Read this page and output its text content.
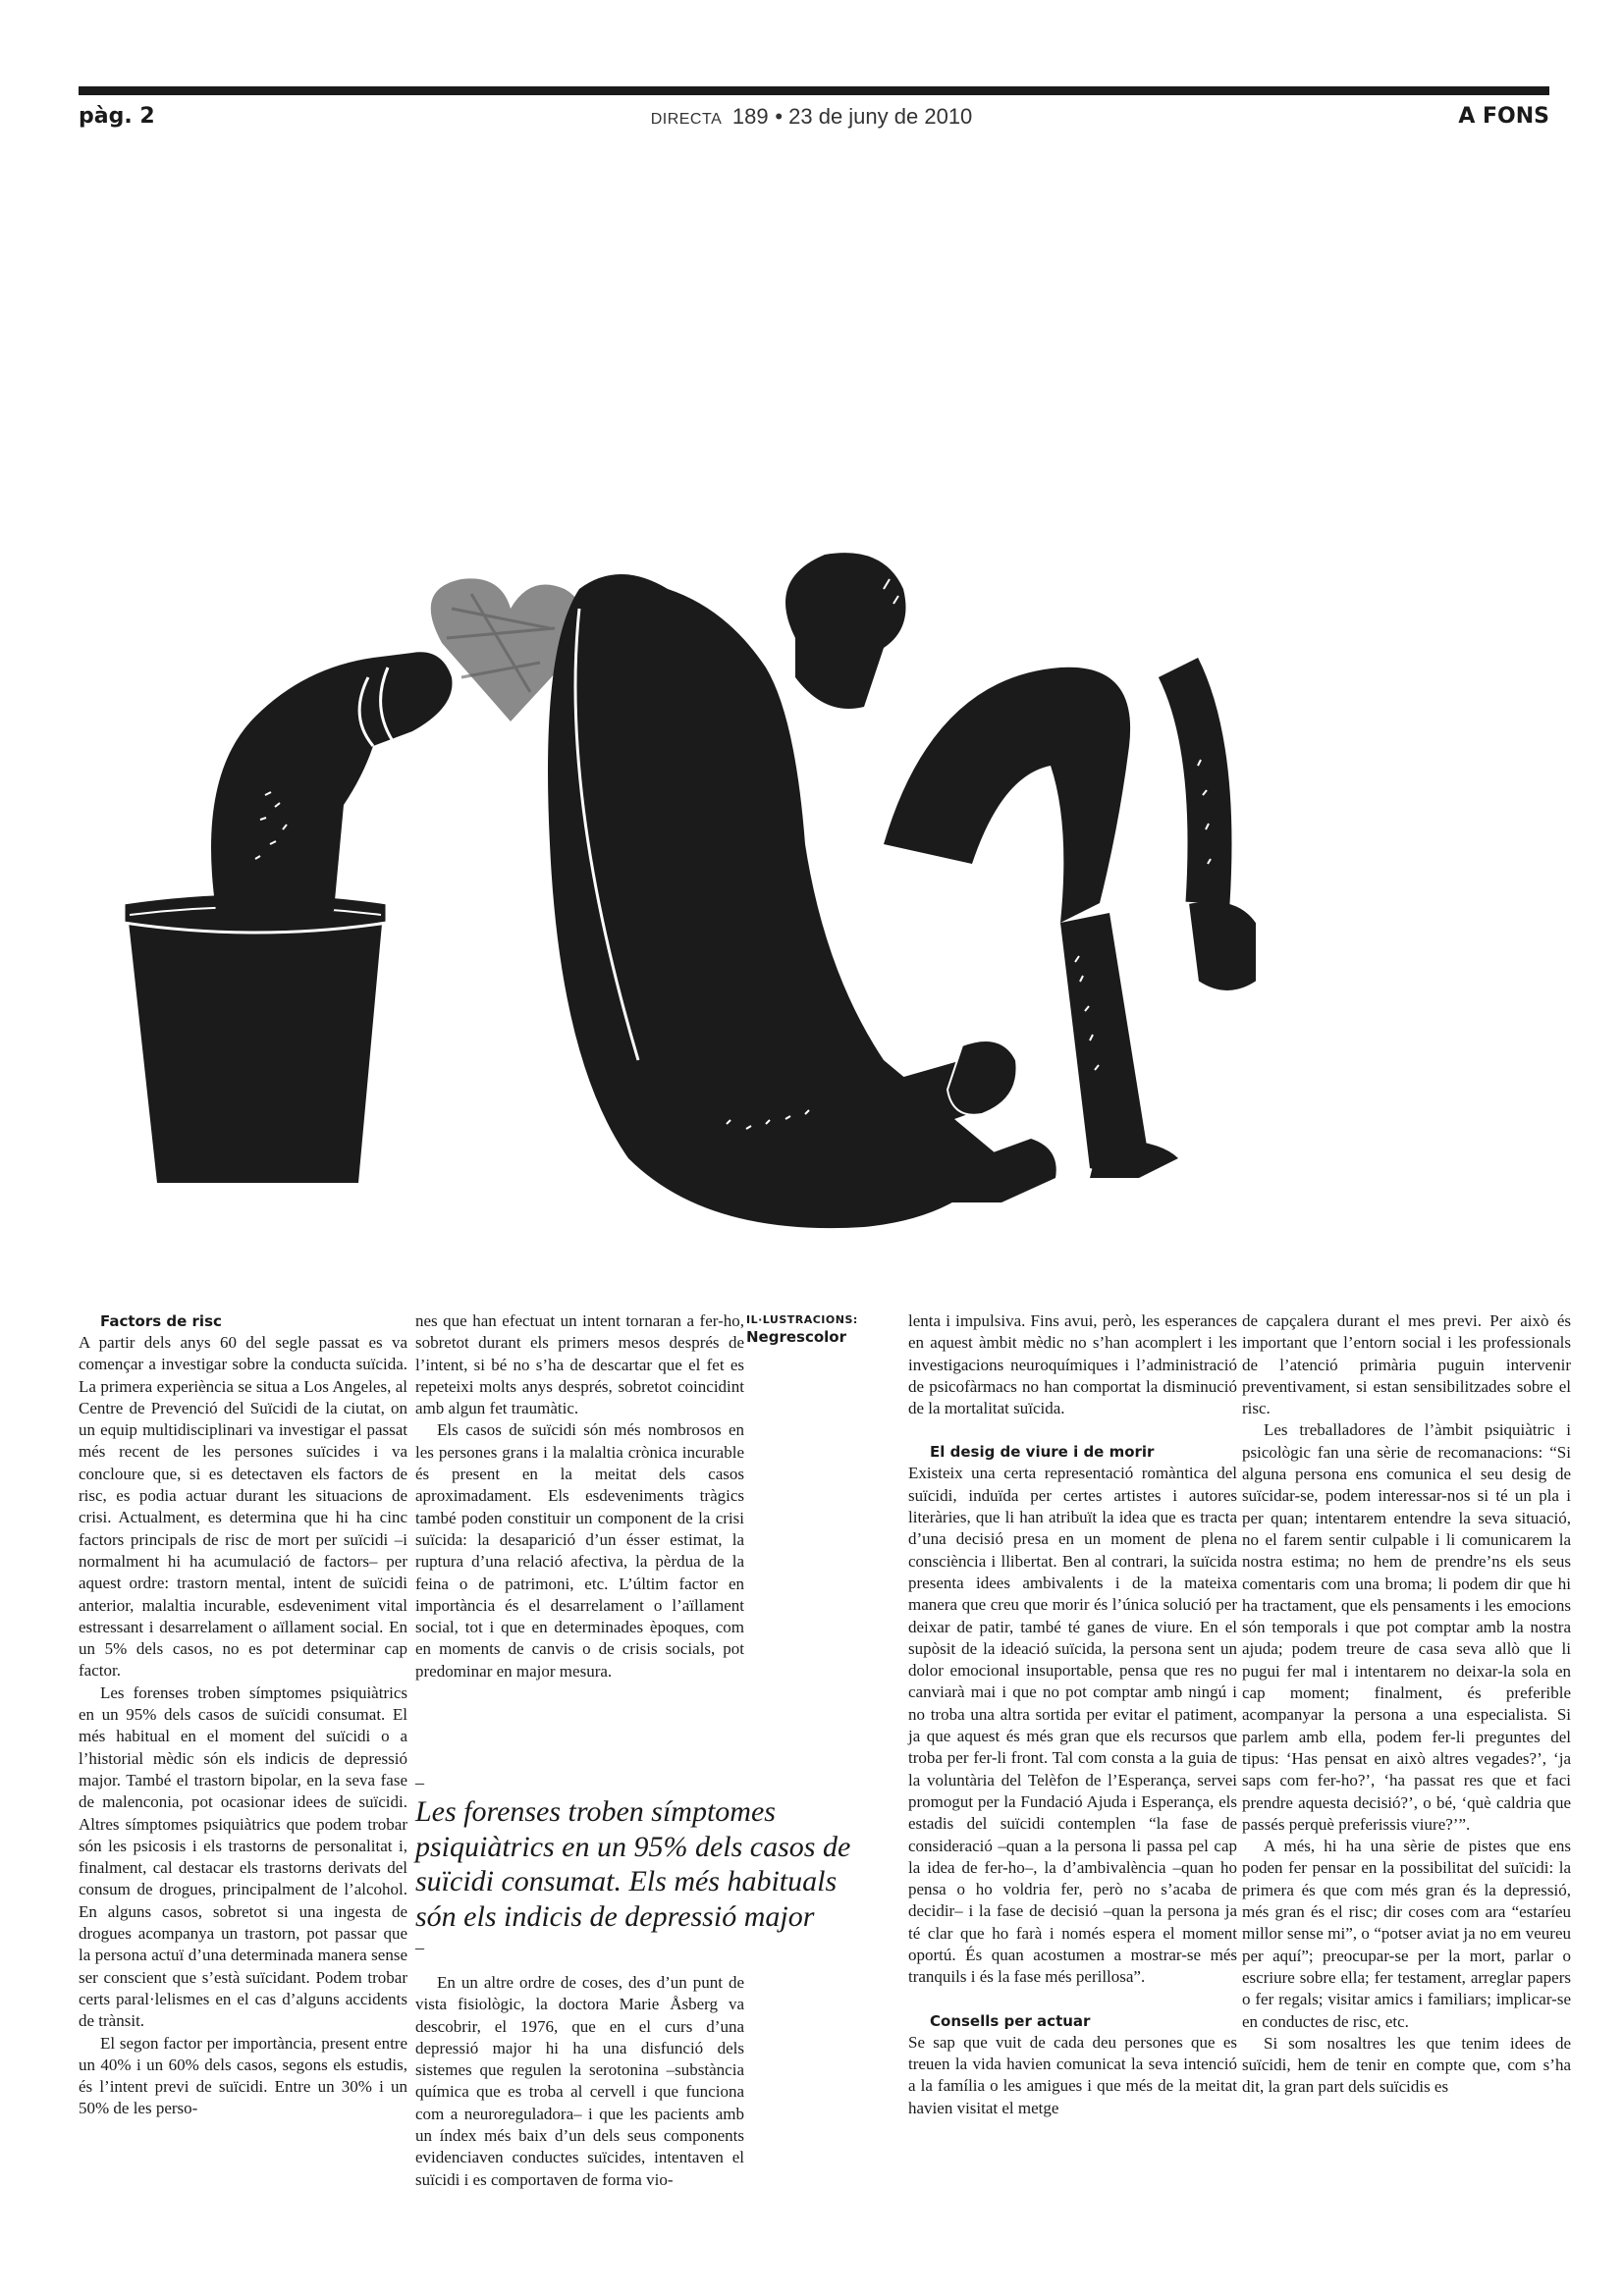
pàg. 2	DIRECTA 189 • 23 de juny de 2010	A FONS

Factors de risc

A partir dels anys 60 del segle passat es va començar a investigar sobre la conducta suïcida. La primera experiència se situa a Los Angeles, al Centre de Prevenció del Suïcidi de la ciutat, on un equip multidisciplinari va investigar el passat més recent de les persones suïcides i va concloure que, si es detectaven els factors de risc, es podia actuar durant les situacions de crisi. Actualment, es determina que hi ha cinc factors principals de risc de mort per suïcidi –i normalment hi ha acumulació de factors– per aquest ordre: trastorn mental, intent de suïcidi anterior, malaltia incurable, esdeveniment vital estressant i desarrelament o aïllament social. En un 5% dels casos, no es pot determinar cap factor.

Les forenses troben símptomes psiquiàtrics en un 95% dels casos de suïcidi consumat. El més habitual en el moment del suïcidi o a l’historial mèdic són els indicis de depressió major. També el trastorn bipolar, en la seva fase de malenconia, pot ocasionar idees de suïcidi. Altres símptomes psiquiàtrics que podem trobar són les psicosis i els trastorns de personalitat i, finalment, cal destacar els trastorns derivats del consum de drogues, principalment de l’alcohol. En alguns casos, sobretot si una ingesta de drogues acompanya un trastorn, pot passar que la persona actuï d’una determinada manera sense ser conscient que s’està suïcidant. Podem trobar certs paral·lelismes en el cas d’alguns accidents de trànsit.

El segon factor per importància, present entre un 40% i un 60% dels casos, segons els estudis, és l’intent previ de suïcidi. Entre un 30% i un 50% de les perso-

nes que han efectuat un intent tornaran a fer-ho, sobretot durant els primers mesos després de l’intent, si bé no s’ha de descartar que el fet es repeteixi molts anys després, sobretot coincidint amb algun fet traumàtic.

Els casos de suïcidi són més nombrosos en les persones grans i la malaltia crònica incurable és present en la meitat dels casos aproximadament. Els esdeveniments tràgics també poden constituir un component de la crisi suïcida: la desaparició d’un ésser estimat, la ruptura d’una relació afectiva, la pèrdua de la feina o de patrimoni, etc. L’últim factor en importància és el desarrelament o l’aïllament social, tot i que en determinades èpoques, com en moments de canvis o de crisis socials, pot predominar en major mesura.

–

Les forenses troben símptomes psiquiàtrics en un 95% dels casos de suïcidi consumat. Els més habituals són els indicis de depressió major

–

En un altre ordre de coses, des d’un punt de vista fisiològic, la doctora Marie Åsberg va descobrir, el 1976, que en el curs d’una depressió major hi ha una disfunció dels sistemes que regulen la serotonina –substància química que es troba al cervell i que funciona com a neuroreguladora– i que les pacients amb un índex més baix d’un dels seus components evidenciaven conductes suïcides, intentaven el suïcidi i es comportaven de forma vio-

IL·LUSTRACIONS:
Negrescolor

lenta i impulsiva. Fins avui, però, les esperances en aquest àmbit mèdic no s’han acomplert i les investigacions neuroquímiques i l’administració de psicofàrmacs no han comportat la disminució de la mortalitat suïcida.

El desig de viure i de morir

Existeix una certa representació romàntica del suïcidi, induïda per certes artistes i autores literàries, que li han atribuït la idea que es tracta d’una decisió presa en un moment de plena consciència i llibertat. Ben al contrari, la suïcida presenta idees ambivalents i de la mateixa manera que creu que morir és l’única solució per deixar de patir, també té ganes de viure. En el supòsit de la ideació suïcida, la persona sent un dolor emocional insuportable, pensa que res no canviarà mai i que no pot comptar amb ningú i no troba una altra sortida per evitar el patiment, ja que aquest és més gran que els recursos que troba per fer-li front. Tal com consta a la guia de la voluntària del Telèfon de l’Esperança, servei promogut per la Fundació Ajuda i Esperança, els estadis del suïcidi contemplen “la fase de consideració –quan a la persona li passa pel cap la idea de fer-ho–, la d’ambivalència –quan ho pensa o ho voldria fer, però no s’acaba de decidir– i la fase de decisió –quan la persona ja té clar que ho farà i només espera el moment oportú. És quan acostumen a mostrar-se més tranquils i és la fase més perillosa”.

Consells per actuar

Se sap que vuit de cada deu persones que es treuen la vida havien comunicat la seva intenció a la família o les amigues i que més de la meitat havien visitat el metge

de capçalera durant el mes previ. Per això és important que l’entorn social i les professionals de l’atenció primària puguin intervenir preventivament, si estan sensibilitzades sobre el risc.

Les treballadores de l’àmbit psiquiàtric i psicològic fan una sèrie de recomanacions: “Si alguna persona ens comunica el seu desig de suïcidar-se, podem interessar-nos si té un pla i per quan; intentarem entendre la seva situació, no el farem sentir culpable i li comunicarem la nostra estima; no hem de prendre’ns els seus comentaris com una broma; li podem dir que hi ha tractament, que els pensaments i les emocions són temporals i que pot comptar amb la nostra ajuda; podem treure de casa seva allò que li pugui fer mal i intentarem no deixar-la sola en cap moment; finalment, és preferible acompanyar la persona a una especialista. Si parlem amb ella, podem fer-li preguntes del tipus: ‘Has pensat en això altres vegades?’, ‘ja saps com fer-ho?’, ‘ha passat res que et faci prendre aquesta decisió?’, o bé, ‘què caldria que passés perquè preferissis viure?’”.

A més, hi ha una sèrie de pistes que ens poden fer pensar en la possibilitat del suïcidi: la primera és que com més gran és la depressió, més gran és el risc; dir coses com ara “estaríeu millor sense mi”, o “potser aviat ja no em veureu per aquí”; preocupar-se per la mort, parlar o escriure sobre ella; fer testament, arreglar papers o fer regals; visitar amics i familiars; implicar-se en conductes de risc, etc.

Si som nosaltres les que tenim idees de suïcidi, hem de tenir en compte que, com s’ha dit, la gran part dels suïcidis es
